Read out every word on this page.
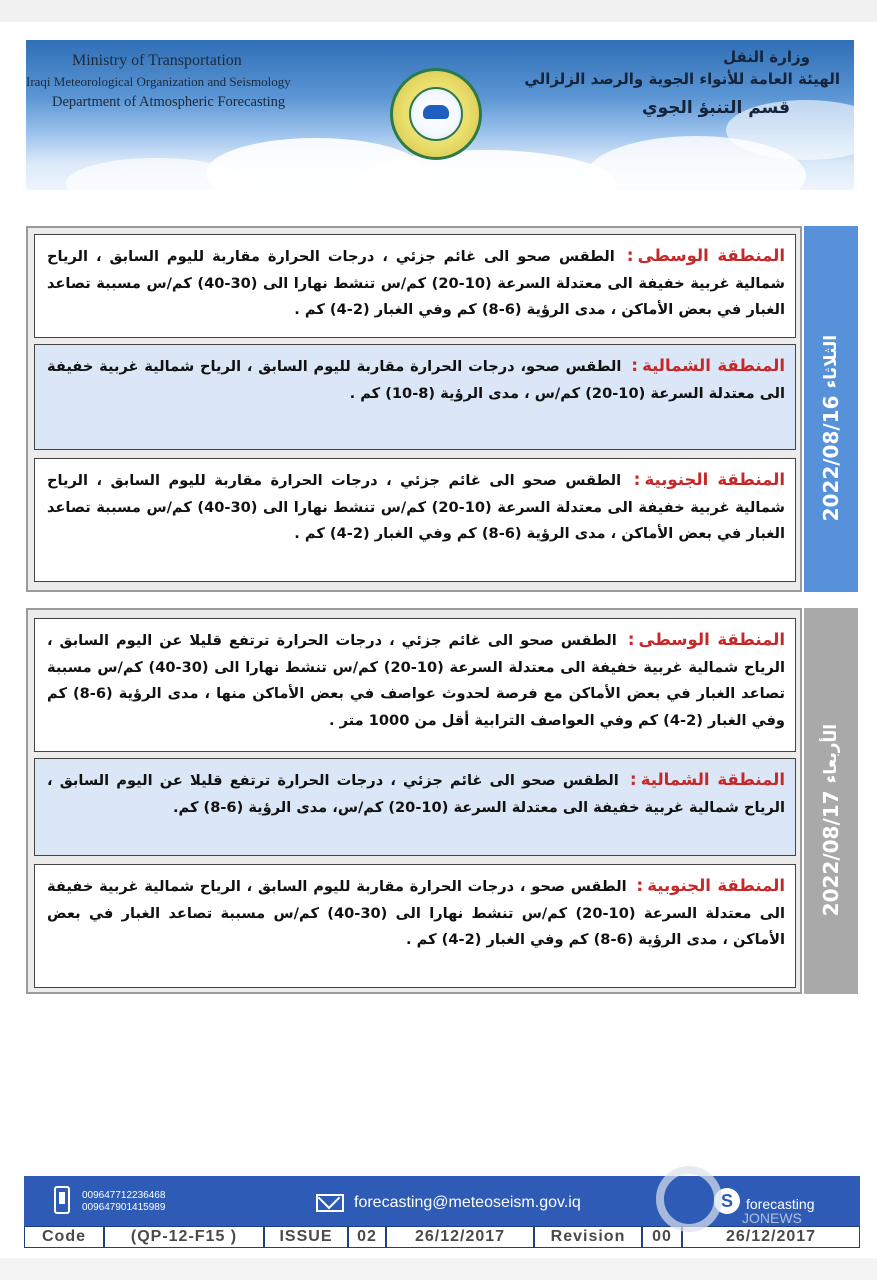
Ministry of Transportation
Iraqi Meteorological Organization and Seismology
Department of Atmospheric Forecasting
وزارة النقل
الهيئة العامة للأنواء الجوية والرصد الزلزالي
قسم التنبؤ الجوي
المنطقة الوسطى: الطقس صحو الى غائم جزئي ، درجات الحرارة مقاربة لليوم السابق ، الرياح شمالية غربية خفيفة الى معتدلة السرعة (10-20) كم/س تنشط نهارا الى (30-40) كم/س مسببة تصاعد الغبار في بعض الأماكن ، مدى الرؤية (6-8) كم وفي الغبار (2-4) كم .
المنطقة الشمالية: الطقس صحو، درجات الحرارة مقاربة لليوم السابق ، الرياح شمالية غربية خفيفة الى معتدلة السرعة (10-20) كم/س ، مدى الرؤية (8-10) كم .
المنطقة الجنوبية: الطقس صحو الى غائم جزئي ، درجات الحرارة مقاربة لليوم السابق ، الرياح شمالية غربية خفيفة الى معتدلة السرعة (10-20) كم/س تنشط نهارا الى (30-40) كم/س مسببة تصاعد الغبار في بعض الأماكن ، مدى الرؤية (6-8) كم وفي الغبار (2-4) كم .
2022/08/16 الثلاثاء
المنطقة الوسطى: الطقس صحو الى غائم جزئي ، درجات الحرارة ترتفع قليلا عن اليوم السابق ، الرياح شمالية غربية خفيفة الى معتدلة السرعة (10-20) كم/س تنشط نهارا الى (30-40) كم/س مسببة تصاعد الغبار في بعض الأماكن مع فرصة لحدوث عواصف في بعض الأماكن منها ، مدى الرؤية (6-8) كم وفي الغبار (2-4) كم وفي العواصف الترابية أقل من 1000 متر .
المنطقة الشمالية: الطقس صحو الى غائم جزئي ، درجات الحرارة ترتفع قليلا عن اليوم السابق ، الرياح شمالية غربية خفيفة الى معتدلة السرعة (10-20) كم/س، مدى الرؤية (6-8) كم.
المنطقة الجنوبية: الطقس صحو ، درجات الحرارة مقاربة لليوم السابق ، الرياح شمالية غربية خفيفة الى معتدلة السرعة (10-20) كم/س تنشط نهارا الى (30-40) كم/س مسببة تصاعد الغبار في بعض الأماكن ، مدى الرؤية (6-8) كم وفي الغبار (2-4) كم .
2022/08/17 الأربعاء
009647712236468
009647901415989	forecasting@meteoseism.gov.iq	S forecasting
Code	(QP-12-F15 )	ISSUE	02	26/12/2017	Revision	00	26/12/2017
JONEWS
